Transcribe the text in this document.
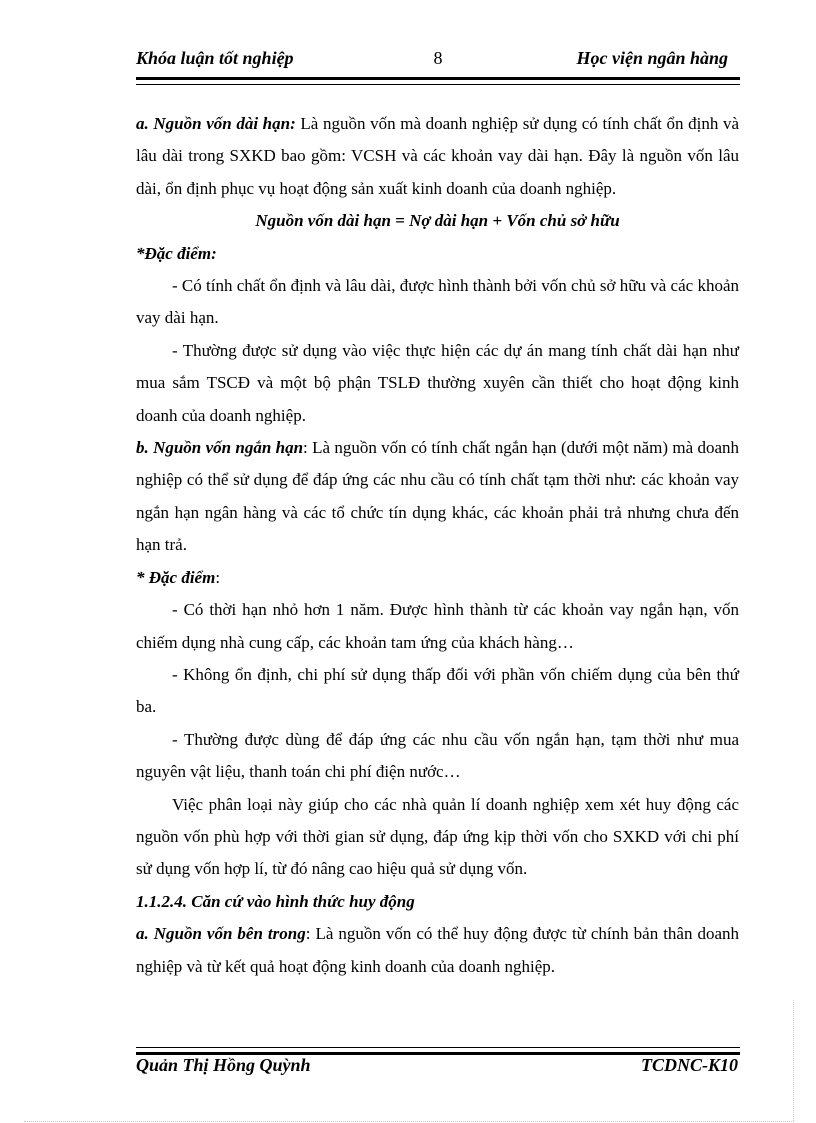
Khóa luận tốt nghiệp	8	Học viện ngân hàng

a. Nguồn vốn dài hạn: Là nguồn vốn mà doanh nghiệp sử dụng có tính chất ổn định và lâu dài trong SXKD bao gồm: VCSH và các khoản vay dài hạn. Đây là nguồn vốn lâu dài, ổn định phục vụ hoạt động sản xuất kinh doanh của doanh nghiệp.

Nguồn vốn dài hạn = Nợ dài hạn + Vốn chủ sở hữu

*Đặc điểm:

- Có tính chất ổn định và lâu dài, được hình thành bởi vốn chủ sở hữu và các khoản vay dài hạn.

- Thường được sử dụng vào việc thực hiện các dự án mang tính chất dài hạn như mua sắm TSCĐ và một bộ phận TSLĐ thường xuyên cần thiết cho hoạt động kinh doanh của doanh nghiệp.

b. Nguồn vốn ngắn hạn: Là nguồn vốn có tính chất ngắn hạn (dưới một năm) mà doanh nghiệp có thể sử dụng để đáp ứng các nhu cầu có tính chất tạm thời như: các khoản vay ngắn hạn ngân hàng và các tổ chức tín dụng khác, các khoản phải trả nhưng chưa đến hạn trả.

* Đặc điểm:

- Có thời hạn nhỏ hơn 1 năm. Được hình thành từ các khoản vay ngắn hạn, vốn chiếm dụng nhà cung cấp, các khoản tam ứng của khách hàng…

- Không ổn định, chi phí sử dụng thấp đối với phần vốn chiếm dụng của bên thứ ba.

- Thường được dùng để đáp ứng các nhu cầu vốn ngắn hạn, tạm thời như mua nguyên vật liệu, thanh toán chi phí điện nước…

Việc phân loại này giúp cho các nhà quản lí doanh nghiệp xem xét huy động các nguồn vốn phù hợp với thời gian sử dụng, đáp ứng kịp thời vốn cho SXKD với chi phí sử dụng vốn hợp lí, từ đó nâng cao hiệu quả sử dụng vốn.

1.1.2.4. Căn cứ vào hình thức huy động

a. Nguồn vốn bên trong: Là nguồn vốn có thể huy động được từ chính bản thân doanh nghiệp và từ kết quả hoạt động kinh doanh của doanh nghiệp.

Quản Thị Hồng Quỳnh	TCDNC-K10
